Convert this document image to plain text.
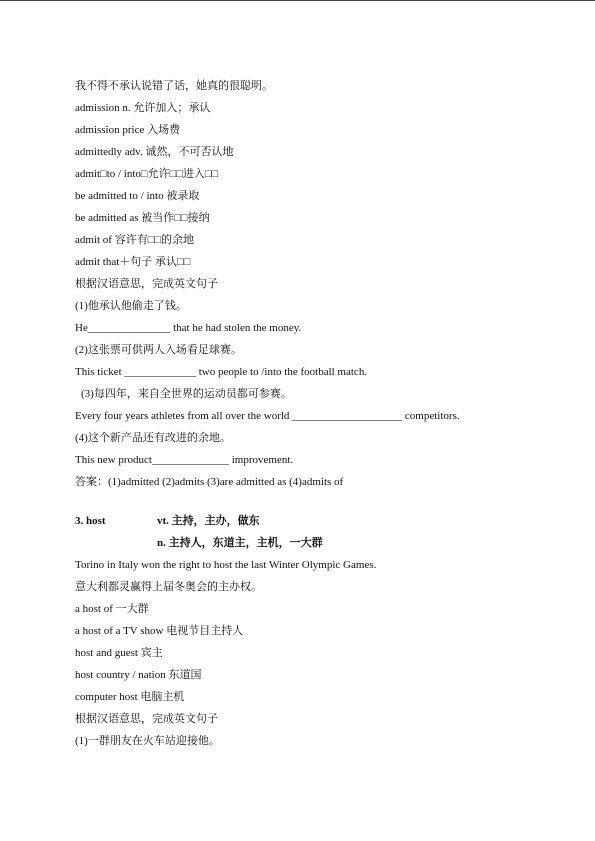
我不得不承认说错了话，她真的很聪明。
admission n. 允许加入；承认
admission price 入场费
admittedly adv. 诚然，不可否认地
admit□to / into□允许□□进入□□
be admitted to / into 被录取
be admitted as 被当作□□接纳
admit of 容许有□□的余地
admit that＋句子 承认□□
根据汉语意思，完成英文句子
(1)他承认他偷走了钱。
He_______________ that he had stolen the money.
(2)这张票可供两人入场看足球赛。
This ticket _____________ two people to /into the football match.
(3)每四年，来自全世界的运动员都可参赛。
Every four years athletes from all over the world ____________________ competitors.
(4)这个新产品还有改进的余地。
This new product______________ improvement.
答案：(1)admitted (2)admits (3)are admitted as (4)admits of
3. host	vt. 主持，主办，做东
n. 主持人，东道主，主机，一大群
Torino in Italy won the right to host the last Winter Olympic Games.
意大利都灵赢得上届冬奥会的主办权。
a host of 一大群
a host of a TV show 电视节目主持人
host and guest 宾主
host country / nation 东道国
computer host 电脑主机
根据汉语意思，完成英文句子
(1)一群朋友在火车站迎接他。
